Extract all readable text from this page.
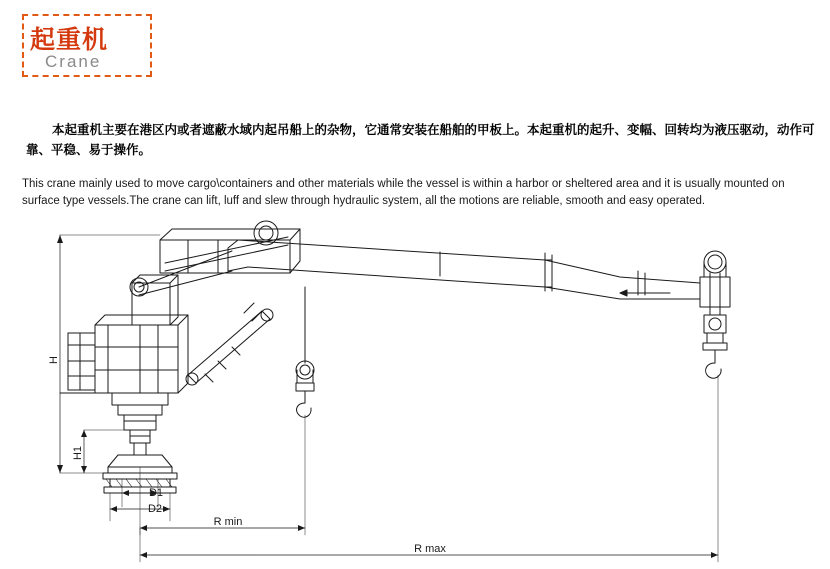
起重机
Crane
本起重机主要在港区内或者遮蔽水域内起吊船上的杂物，它通常安装在船舶的甲板上。本起重机的起升、变幅、回转均为液压驱动，动作可靠、平稳、易于操作。
This crane mainly used to move cargo\containers and other materials while the vessel is within a harbor or sheltered area and it is usually mounted on surface type vessels.The crane can lift, luff and slew through hydraulic system, all the motions are reliable, smooth and easy operated.
H
H1
D1
D2
R min
R max
